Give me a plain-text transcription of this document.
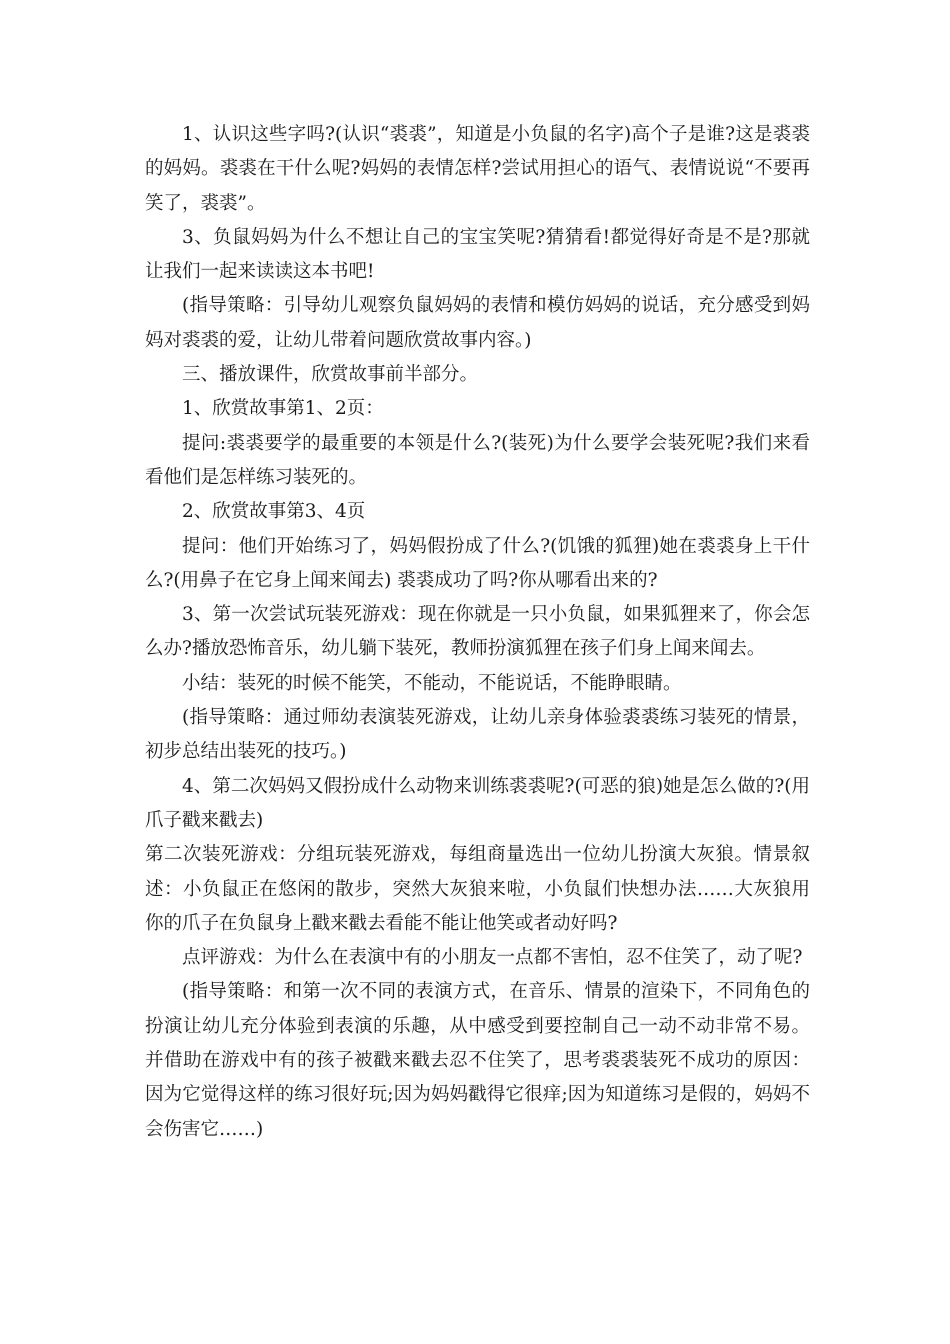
1、认识这些字吗?(认识“裘裘”，知道是小负鼠的名字)高个子是谁?这是裘裘的妈妈。裘裘在干什么呢?妈妈的表情怎样?尝试用担心的语气、表情说说“不要再笑了，裘裘”。

3、负鼠妈妈为什么不想让自己的宝宝笑呢?猜猜看!都觉得好奇是不是?那就让我们一起来读读这本书吧!

(指导策略：引导幼儿观察负鼠妈妈的表情和模仿妈妈的说话，充分感受到妈妈对裘裘的爱，让幼儿带着问题欣赏故事内容。)

三、播放课件，欣赏故事前半部分。

1、欣赏故事第1、2页：

提问:裘裘要学的最重要的本领是什么?(装死)为什么要学会装死呢?我们来看看他们是怎样练习装死的。

2、欣赏故事第3、4页

提问：他们开始练习了，妈妈假扮成了什么?(饥饿的狐狸)她在裘裘身上干什么?(用鼻子在它身上闻来闻去) 裘裘成功了吗?你从哪看出来的?

3、第一次尝试玩装死游戏：现在你就是一只小负鼠，如果狐狸来了，你会怎么办?播放恐怖音乐，幼儿躺下装死，教师扮演狐狸在孩子们身上闻来闻去。

小结：装死的时候不能笑，不能动，不能说话，不能睁眼睛。

(指导策略：通过师幼表演装死游戏，让幼儿亲身体验裘裘练习装死的情景，初步总结出装死的技巧。)

4、第二次妈妈又假扮成什么动物来训练裘裘呢?(可恶的狼)她是怎么做的?(用爪子戳来戳去)

第二次装死游戏：分组玩装死游戏，每组商量选出一位幼儿扮演大灰狼。情景叙述：小负鼠正在悠闲的散步，突然大灰狼来啦，小负鼠们快想办法……大灰狼用你的爪子在负鼠身上戳来戳去看能不能让他笑或者动好吗?

点评游戏：为什么在表演中有的小朋友一点都不害怕，忍不住笑了，动了呢?

(指导策略：和第一次不同的表演方式，在音乐、情景的渲染下，不同角色的扮演让幼儿充分体验到表演的乐趣，从中感受到要控制自己一动不动非常不易。并借助在游戏中有的孩子被戳来戳去忍不住笑了，思考裘裘装死不成功的原因：因为它觉得这样的练习很好玩;因为妈妈戳得它很痒;因为知道练习是假的，妈妈不会伤害它……)
